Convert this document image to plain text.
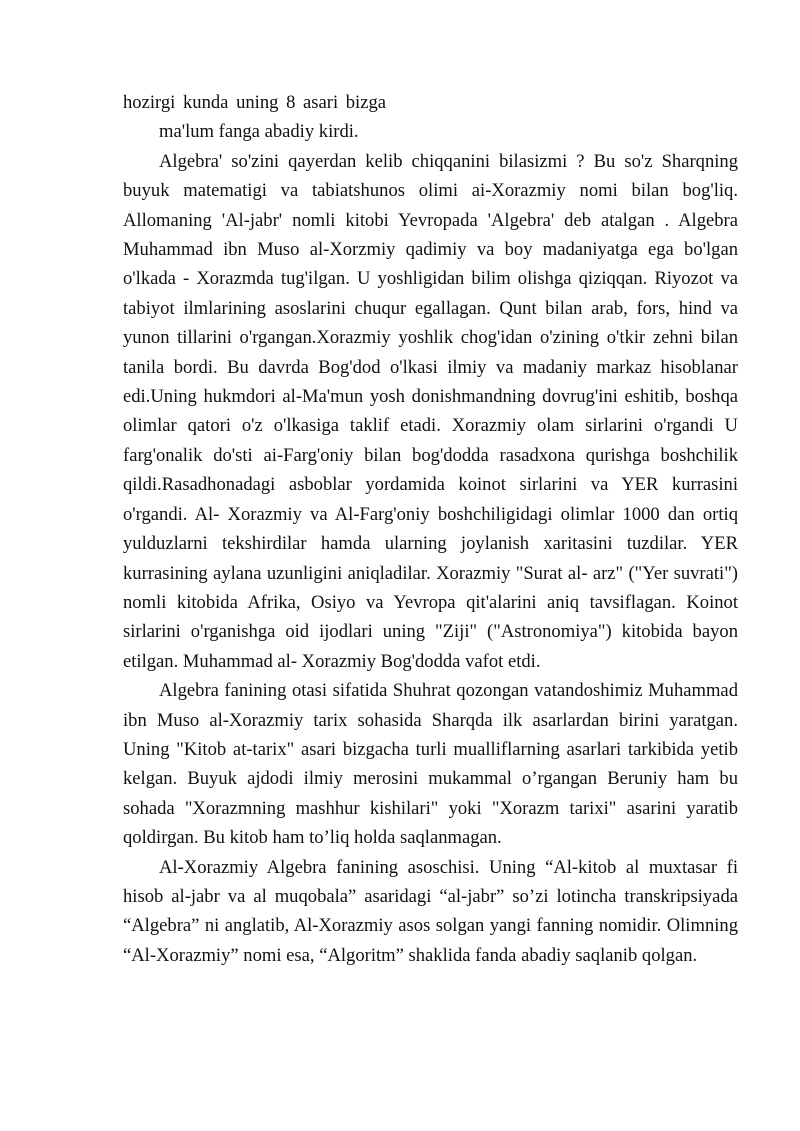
hozirgi kunda uning 8 asari bizga

ma'lum fanga abadiy kirdi.

Algebra' so'zini qayerdan kelib chiqqanini bilasizmi ? Bu so'z Sharqning buyuk matematigi va tabiatshunos olimi ai-Xorazmiy nomi bilan bog'liq. Allomaning 'Al-jabr' nomli kitobi Yevropada 'Algebra' deb atalgan . Algebra Muhammad ibn Muso al-Xorzmiy qadimiy va boy madaniyatga ega bo'lgan o'lkada - Xorazmda tug'ilgan. U yoshligidan bilim olishga qiziqqan. Riyozot va tabiyot ilmlarining asoslarini chuqur egallagan. Qunt bilan arab, fors, hind va yunon tillarini o'rgangan.Xorazmiy yoshlik chog'idan o'zining o'tkir zehni bilan tanila bordi. Bu davrda Bog'dod o'lkasi ilmiy va madaniy markaz hisoblanar edi.Uning hukmdori al-Ma'mun yosh donishmandning dovrug'ini eshitib, boshqa olimlar qatori o'z o'lkasiga taklif etadi. Xorazmiy olam sirlarini o'rgandi U farg'onalik do'sti ai-Farg'oniy bilan bog'dodda rasadxona qurishga boshchilik qildi.Rasadhonadagi asboblar yordamida koinot sirlarini va YER kurrasini o'rgandi. Al- Xorazmiy va Al-Farg'oniy boshchiligidagi olimlar 1000 dan ortiq yulduzlarni tekshirdilar hamda ularning joylanish xaritasini tuzdilar. YER kurrasining aylana uzunligini aniqladilar. Xorazmiy "Surat al- arz" ("Yer suvrati") nomli kitobida Afrika, Osiyo va Yevropa qit'alarini aniq tavsiflagan. Koinot sirlarini o'rganishga oid ijodlari uning "Ziji" ("Astronomiya") kitobida bayon etilgan. Muhammad al- Xorazmiy Bog'dodda vafot etdi.

Algebra fanining otasi sifatida Shuhrat qozongan vatandoshimiz Muhammad ibn Muso al-Xorazmiy tarix sohasida Sharqda ilk asarlardan birini yaratgan. Uning "Kitob at-tarix" asari bizgacha turli mualliflarning asarlari tarkibida yetib kelgan. Buyuk ajdodi ilmiy merosini mukammal o’rgangan Beruniy ham bu sohada "Xorazmning mashhur kishilari" yoki "Xorazm tarixi" asarini yaratib qoldirgan. Bu kitob ham to’liq holda saqlanmagan.

Al-Xorazmiy Algebra fanining asoschisi. Uning “Al-kitob al muxtasar fi hisob al-jabr va al muqobala” asaridagi “al-jabr” so’zi lotincha transkripsiyada “Algebra” ni anglatib, Al-Xorazmiy asos solgan yangi fanning nomidir. Olimning “Al-Xorazmiy” nomi esa, “Algoritm” shaklida fanda abadiy saqlanib qolgan.
